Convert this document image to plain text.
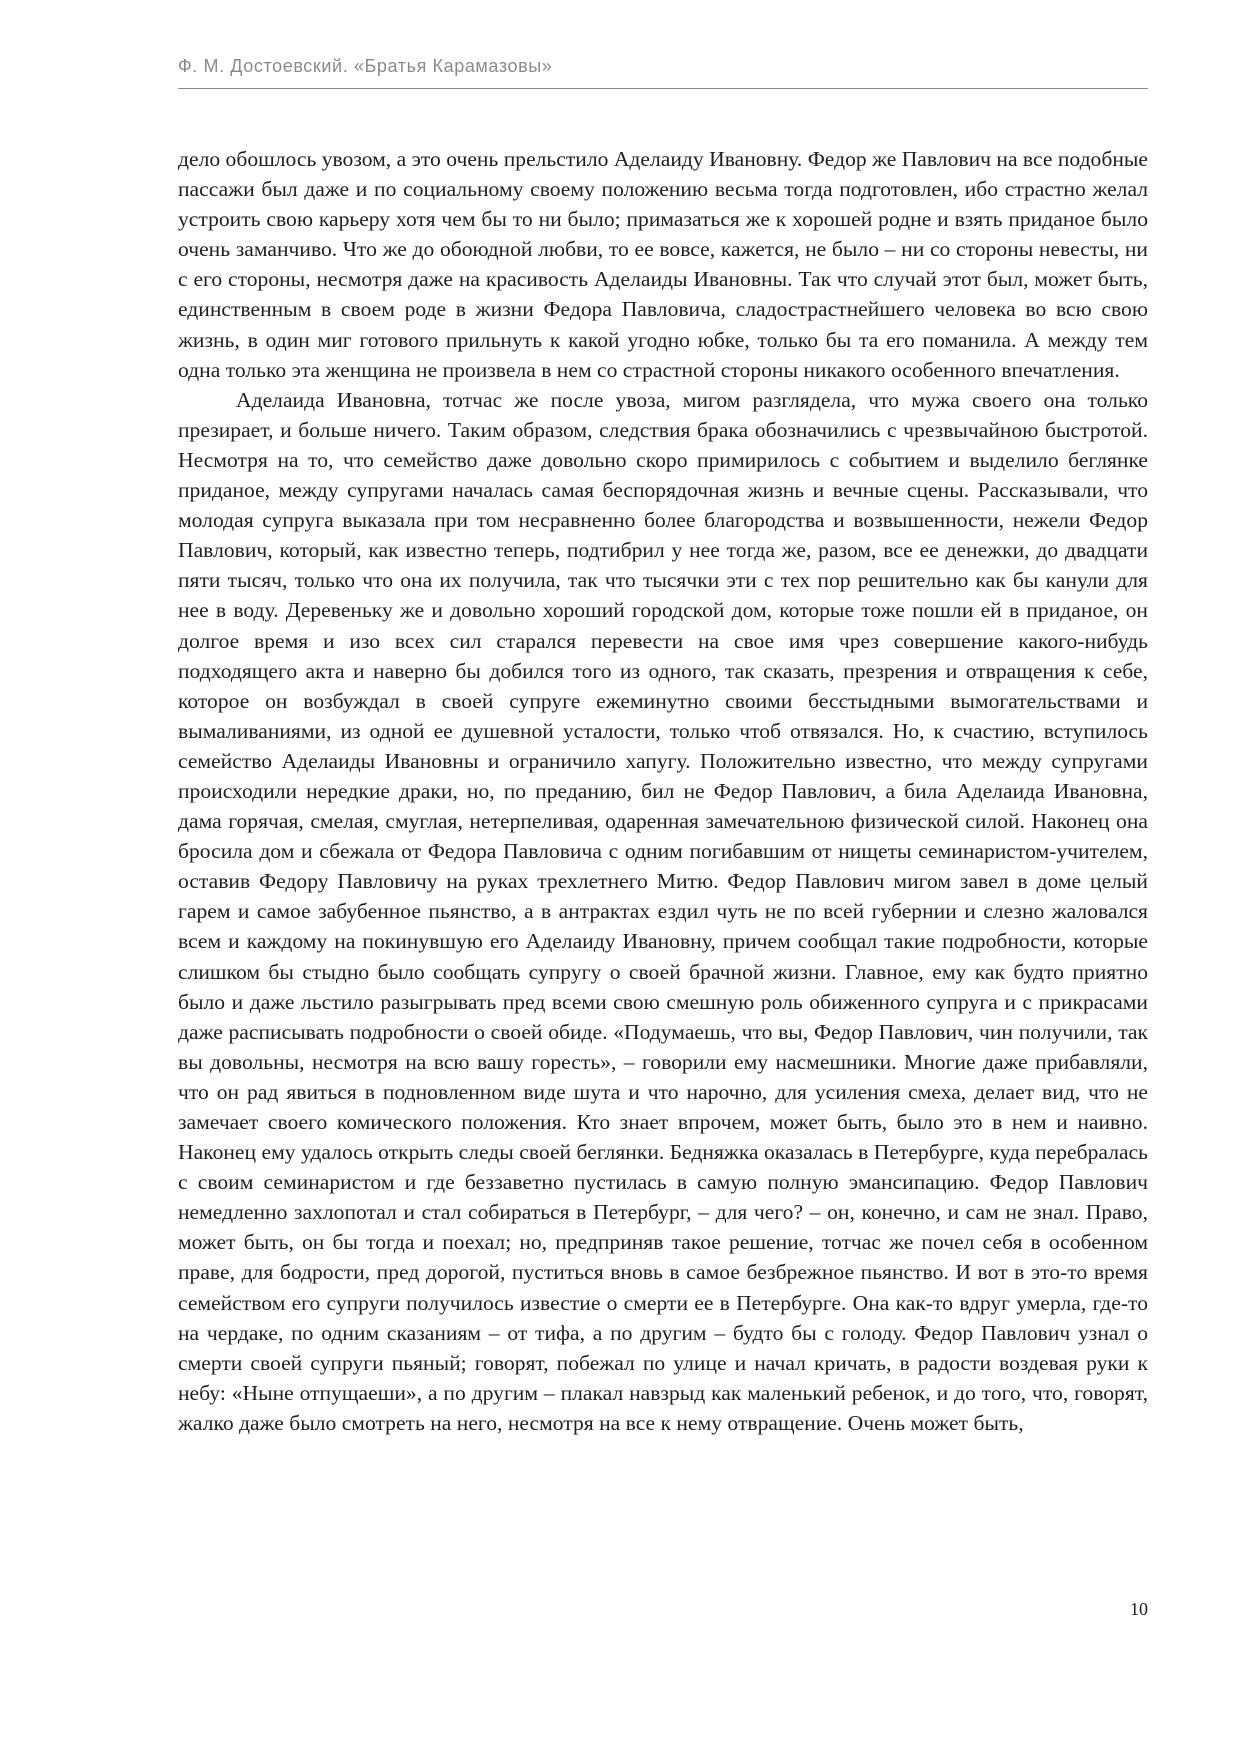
Ф. М. Достоевский. «Братья Карамазовы»

дело обошлось увозом, а это очень прельстило Аделаиду Ивановну. Федор же Павлович на все подобные пассажи был даже и по социальному своему положению весьма тогда подготовлен, ибо страстно желал устроить свою карьеру хотя чем бы то ни было; примазаться же к хорошей родне и взять приданое было очень заманчиво. Что же до обоюдной любви, то ее вовсе, кажется, не было – ни со стороны невесты, ни с его стороны, несмотря даже на красивость Аделаиды Ивановны. Так что случай этот был, может быть, единственным в своем роде в жизни Федора Павловича, сладострастнейшего человека во всю свою жизнь, в один миг готового прильнуть к какой угодно юбке, только бы та его поманила. А между тем одна только эта женщина не произвела в нем со страстной стороны никакого особенного впечатления.

Аделаида Ивановна, тотчас же после увоза, мигом разглядела, что мужа своего она только презирает, и больше ничего. Таким образом, следствия брака обозначились с чрезвычайною быстротой. Несмотря на то, что семейство даже довольно скоро примирилось с событием и выделило беглянке приданое, между супругами началась самая беспорядочная жизнь и вечные сцены. Рассказывали, что молодая супруга выказала при том несравненно более благородства и возвышенности, нежели Федор Павлович, который, как известно теперь, подтибрил у нее тогда же, разом, все ее денежки, до двадцати пяти тысяч, только что она их получила, так что тысячки эти с тех пор решительно как бы канули для нее в воду. Деревеньку же и довольно хороший городской дом, которые тоже пошли ей в приданое, он долгое время и изо всех сил старался перевести на свое имя чрез совершение какого-нибудь подходящего акта и наверно бы добился того из одного, так сказать, презрения и отвращения к себе, которое он возбуждал в своей супруге ежеминутно своими бесстыдными вымогательствами и вымаливаниями, из одной ее душевной усталости, только чтоб отвязался. Но, к счастию, вступилось семейство Аделаиды Ивановны и ограничило хапугу. Положительно известно, что между супругами происходили нередкие драки, но, по преданию, бил не Федор Павлович, а била Аделаида Ивановна, дама горячая, смелая, смуглая, нетерпеливая, одаренная замечательною физической силой. Наконец она бросила дом и сбежала от Федора Павловича с одним погибавшим от нищеты семинаристом-учителем, оставив Федору Павловичу на руках трехлетнего Митю. Федор Павлович мигом завел в доме целый гарем и самое забубенное пьянство, а в антрактах ездил чуть не по всей губернии и слезно жаловался всем и каждому на покинувшую его Аделаиду Ивановну, причем сообщал такие подробности, которые слишком бы стыдно было сообщать супругу о своей брачной жизни. Главное, ему как будто приятно было и даже льстило разыгрывать пред всеми свою смешную роль обиженного супруга и с прикрасами даже расписывать подробности о своей обиде. «Подумаешь, что вы, Федор Павлович, чин получили, так вы довольны, несмотря на всю вашу горесть», – говорили ему насмешники. Многие даже прибавляли, что он рад явиться в подновленном виде шута и что нарочно, для усиления смеха, делает вид, что не замечает своего комического положения. Кто знает впрочем, может быть, было это в нем и наивно. Наконец ему удалось открыть следы своей беглянки. Бедняжка оказалась в Петербурге, куда перебралась с своим семинаристом и где беззаветно пустилась в самую полную эмансипацию. Федор Павлович немедленно захлопотал и стал собираться в Петербург, – для чего? – он, конечно, и сам не знал. Право, может быть, он бы тогда и поехал; но, предприняв такое решение, тотчас же почел себя в особенном праве, для бодрости, пред дорогой, пуститься вновь в самое безбрежное пьянство. И вот в это-то время семейством его супруги получилось известие о смерти ее в Петербурге. Она как-то вдруг умерла, где-то на чердаке, по одним сказаниям – от тифа, а по другим – будто бы с голоду. Федор Павлович узнал о смерти своей супруги пьяный; говорят, побежал по улице и начал кричать, в радости воздевая руки к небу: «Ныне отпущаеши», а по другим – плакал навзрыд как маленький ребенок, и до того, что, говорят, жалко даже было смотреть на него, несмотря на все к нему отвращение. Очень может быть,

10
